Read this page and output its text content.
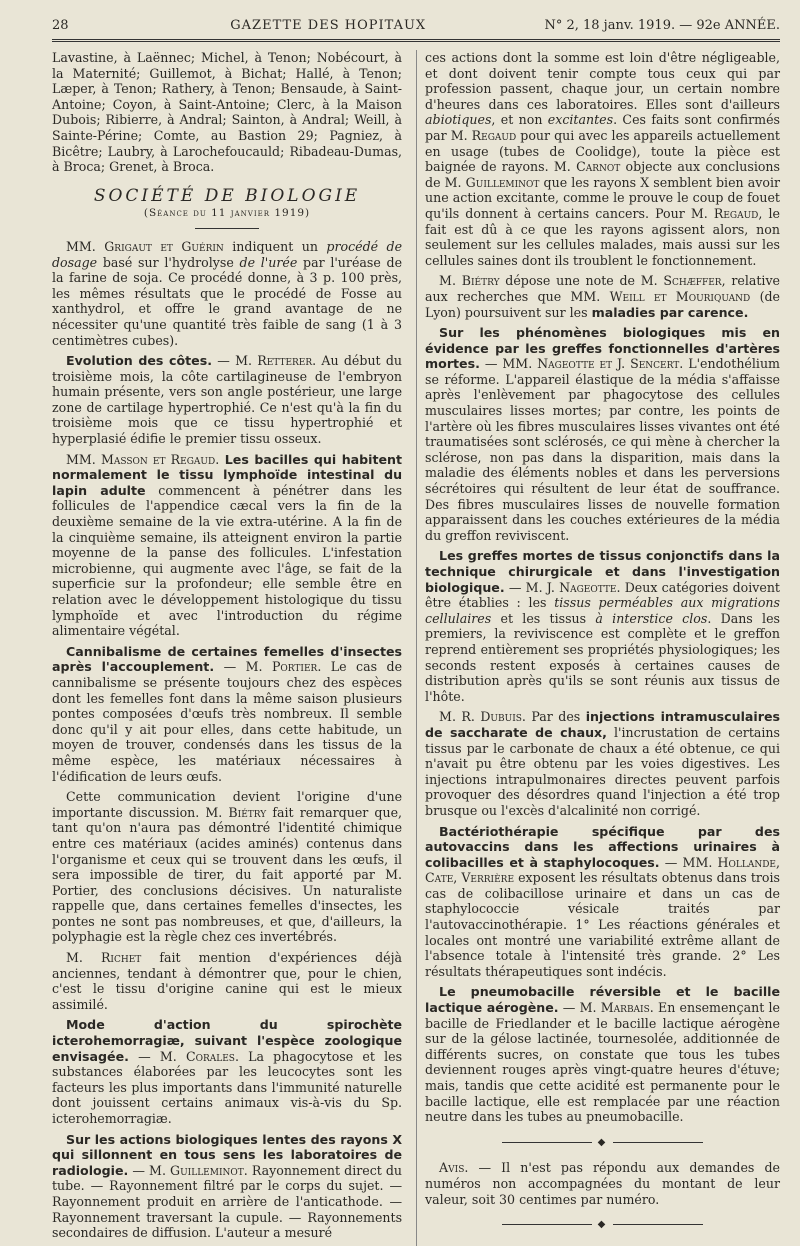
28	GAZETTE DES HOPITAUX	N° 2, 18 janv. 1919. — 92e ANNÉE.

Lavastine, à Laënnec; Michel, à Tenon; Nobécourt, à la Maternité; Guillemot, à Bichat; Hallé, à Tenon; Læper, à Tenon; Rathery, à Tenon; Bensaude, à Saint-Antoine; Coyon, à Saint-Antoine; Clerc, à la Maison Dubois; Ribierre, à Andral; Sainton, à Andral; Weill, à Sainte-Périne; Comte, au Bastion 29; Pagniez, à Bicêtre; Laubry, à Larochefoucauld; Ribadeau-Dumas, à Broca; Grenet, à Broca.

SOCIÉTÉ DE BIOLOGIE
(Séance du 11 janvier 1919)

MM. Grigaut et Guérin indiquent un procédé de dosage basé sur l'hydrolyse de l'urée par l'uréase de la farine de soja. Ce procédé donne, à 3 p. 100 près, les mêmes résultats que le procédé de Fosse au xanthydrol, et offre le grand avantage de ne nécessiter qu'une quantité très faible de sang (1 à 3 centimètres cubes).

Evolution des côtes. — M. Retterer. Au début du troisième mois, la côte cartilagineuse de l'embryon humain présente, vers son angle postérieur, une large zone de cartilage hypertrophié. Ce n'est qu'à la fin du troisième mois que ce tissu hypertrophié et hyperplasié édifie le premier tissu osseux.

MM. Masson et Regaud. Les bacilles qui habitent normalement le tissu lymphoïde intestinal du lapin adulte commencent à pénétrer dans les follicules de l'appendice cæcal vers la fin de la deuxième semaine de la vie extra-utérine. A la fin de la cinquième semaine, ils atteignent environ la partie moyenne de la panse des follicules. L'infestation microbienne, qui augmente avec l'âge, se fait de la superficie sur la profondeur; elle semble être en relation avec le développement histologique du tissu lymphoïde et avec l'introduction du régime alimentaire végétal.

Cannibalisme de certaines femelles d'insectes après l'accouplement. — M. Portier. Le cas de cannibalisme se présente toujours chez des espèces dont les femelles font dans la même saison plusieurs pontes composées d'œufs très nombreux. Il semble donc qu'il y ait pour elles, dans cette habitude, un moyen de trouver, condensés dans les tissus de la même espèce, les matériaux nécessaires à l'édification de leurs œufs.

Cette communication devient l'origine d'une importante discussion. M. Biétry fait remarquer que, tant qu'on n'aura pas démontré l'identité chimique entre ces matériaux (acides aminés) contenus dans l'organisme et ceux qui se trouvent dans les œufs, il sera impossible de tirer, du fait apporté par M. Portier, des conclusions décisives. Un naturaliste rappelle que, dans certaines femelles d'insectes, les pontes ne sont pas nombreuses, et que, d'ailleurs, la polyphagie est la règle chez ces invertébrés.

M. Richet fait mention d'expériences déjà anciennes, tendant à démontrer que, pour le chien, c'est le tissu d'origine canine qui est le mieux assimilé.

Mode d'action du spirochète icterohemorragiæ, suivant l'espèce zoologique envisagée. — M. Corales. La phagocytose et les substances élaborées par les leucocytes sont les facteurs les plus importants dans l'immunité naturelle dont jouissent certains animaux vis-à-vis du Sp. icterohemorragiæ.

Sur les actions biologiques lentes des rayons X qui sillonnent en tous sens les laboratoires de radiologie. — M. Guilleminot. Rayonnement direct du tube. — Rayonnement filtré par le corps du sujet. — Rayonnement produit en arrière de l'anticathode. — Rayonnement traversant la cupule. — Rayonnements secondaires de diffusion. L'auteur a mesuré

ces actions dont la somme est loin d'être négligeable, et dont doivent tenir compte tous ceux qui par profession passent, chaque jour, un certain nombre d'heures dans ces laboratoires. Elles sont d'ailleurs abiotiques, et non excitantes. Ces faits sont confirmés par M. Regaud pour qui avec les appareils actuellement en usage (tubes de Coolidge), toute la pièce est baignée de rayons. M. Carnot objecte aux conclusions de M. Guilleminot que les rayons X semblent bien avoir une action excitante, comme le prouve le coup de fouet qu'ils donnent à certains cancers. Pour M. Regaud, le fait est dû à ce que les rayons agissent alors, non seulement sur les cellules malades, mais aussi sur les cellules saines dont ils troublent le fonctionnement.

M. Biétry dépose une note de M. Schæffer, relative aux recherches que MM. Weill et Mouriquand (de Lyon) poursuivent sur les maladies par carence.

Sur les phénomènes biologiques mis en évidence par les greffes fonctionnelles d'artères mortes. — MM. Nageotte et J. Sencert. L'endothélium se réforme. L'appareil élastique de la média s'affaisse après l'enlèvement par phagocytose des cellules musculaires lisses mortes; par contre, les points de l'artère où les fibres musculaires lisses vivantes ont été traumatisées sont sclérosés, ce qui mène à chercher la sclérose, non pas dans la disparition, mais dans la maladie des éléments nobles et dans les perversions sécrétoires qui résultent de leur état de souffrance. Des fibres musculaires lisses de nouvelle formation apparaissent dans les couches extérieures de la média du greffon reviviscent.

Les greffes mortes de tissus conjonctifs dans la technique chirurgicale et dans l'investigation biologique. — M. J. Nageotte. Deux catégories doivent être établies : les tissus perméables aux migrations cellulaires et les tissus à interstice clos. Dans les premiers, la reviviscence est complète et le greffon reprend entièrement ses propriétés physiologiques; les seconds restent exposés à certaines causes de distribution après qu'ils se sont réunis aux tissus de l'hôte.

M. R. Dubuis. Par des injections intramusculaires de saccharate de chaux, l'incrustation de certains tissus par le carbonate de chaux a été obtenue, ce qui n'avait pu être obtenu par les voies digestives. Les injections intrapulmonaires directes peuvent parfois provoquer des désordres quand l'injection a été trop brusque ou l'excès d'alcalinité non corrigé.

Bactériothérapie spécifique par des autovaccins dans les affections urinaires à colibacilles et à staphylocoques. — MM. Hollande, Cate, Verrière exposent les résultats obtenus dans trois cas de colibacillose urinaire et dans un cas de staphylococcie vésicale traités par l'autovaccinothérapie. 1° Les réactions générales et locales ont montré une variabilité extrême allant de l'absence totale à l'intensité très grande. 2° Les résultats thérapeutiques sont indécis.

Le pneumobacille réversible et le bacille lactique aérogène. — M. Marbais. En ensemençant le bacille de Friedlander et le bacille lactique aérogène sur de la gélose lactinée, tournesolée, additionnée de différents sucres, on constate que tous les tubes deviennent rouges après vingt-quatre heures d'étuve; mais, tandis que cette acidité est permanente pour le bacille lactique, elle est remplacée par une réaction neutre dans les tubes au pneumobacille.

◆

Avis. — Il n'est pas répondu aux demandes de numéros non accompagnées du montant de leur valeur, soit 30 centimes par numéro.

◆
